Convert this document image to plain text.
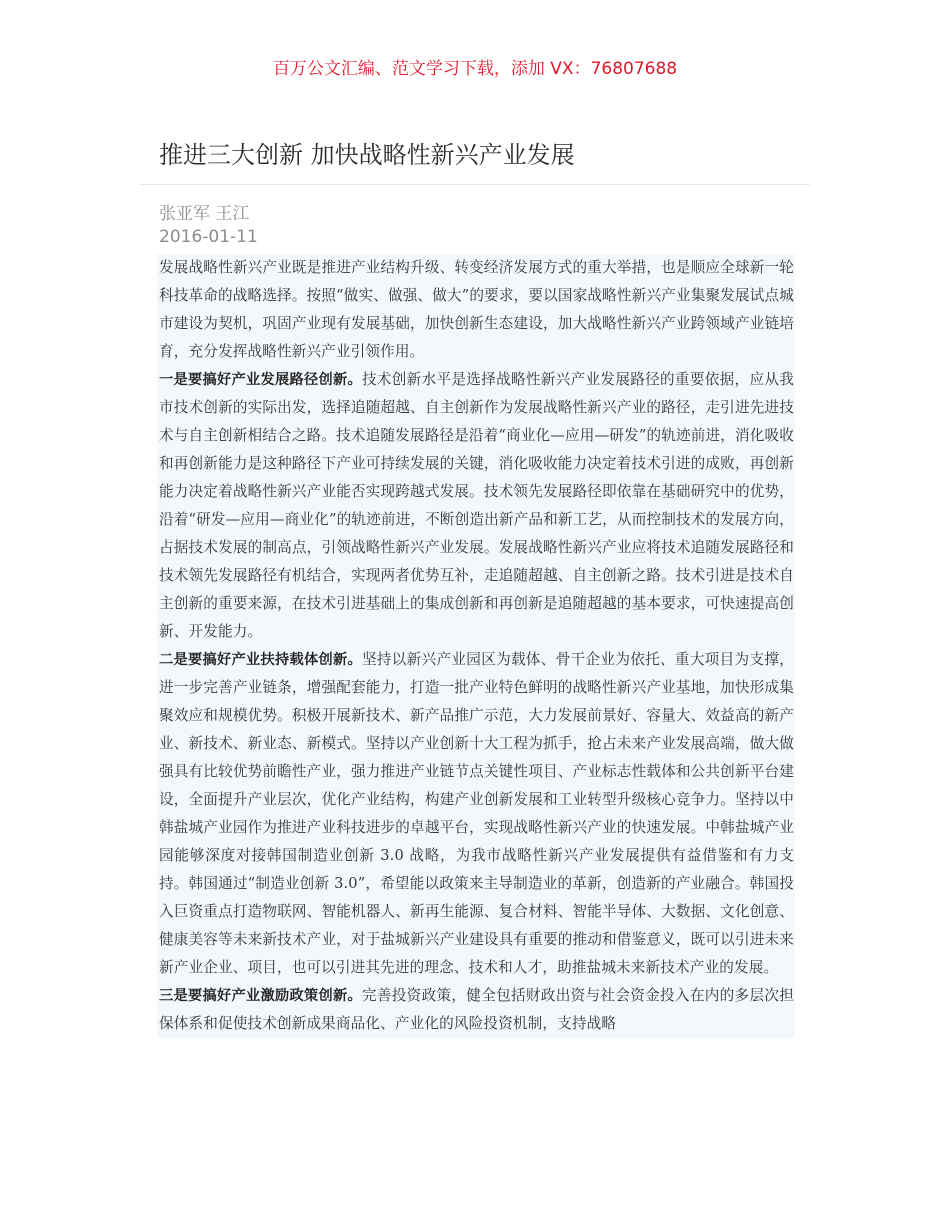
百万公文汇编、范文学习下载，添加 VX：76807688
推进三大创新 加快战略性新兴产业发展
张亚军 王江
2016-01-11

发展战略性新兴产业既是推进产业结构升级、转变经济发展方式的重大举措，也是顺应全球新一轮科技革命的战略选择。按照“做实、做强、做大”的要求，要以国家战略性新兴产业集聚发展试点城市建设为契机，巩固产业现有发展基础，加快创新生态建设，加大战略性新兴产业跨领域产业链培育，充分发挥战略性新兴产业引领作用。

一是要搞好产业发展路径创新。技术创新水平是选择战略性新兴产业发展路径的重要依据，应从我市技术创新的实际出发，选择追随超越、自主创新作为发展战略性新兴产业的路径，走引进先进技术与自主创新相结合之路。技术追随发展路径是沿着“商业化—应用—研发”的轨迹前进，消化吸收和再创新能力是这种路径下产业可持续发展的关键，消化吸收能力决定着技术引进的成败，再创新能力决定着战略性新兴产业能否实现跨越式发展。技术领先发展路径即依靠在基础研究中的优势，沿着“研发—应用—商业化”的轨迹前进，不断创造出新产品和新工艺，从而控制技术的发展方向，占据技术发展的制高点，引领战略性新兴产业发展。发展战略性新兴产业应将技术追随发展路径和技术领先发展路径有机结合，实现两者优势互补，走追随超越、自主创新之路。技术引进是技术自主创新的重要来源，在技术引进基础上的集成创新和再创新是追随超越的基本要求，可快速提高创新、开发能力。

二是要搞好产业扶持载体创新。坚持以新兴产业园区为载体、骨干企业为依托、重大项目为支撑，进一步完善产业链条，增强配套能力，打造一批产业特色鲜明的战略性新兴产业基地，加快形成集聚效应和规模优势。积极开展新技术、新产品推广示范，大力发展前景好、容量大、效益高的新产业、新技术、新业态、新模式。坚持以产业创新十大工程为抓手，抢占未来产业发展高端，做大做强具有比较优势前瞻性产业，强力推进产业链节点关键性项目、产业标志性载体和公共创新平台建设，全面提升产业层次，优化产业结构，构建产业创新发展和工业转型升级核心竞争力。坚持以中韩盐城产业园作为推进产业科技进步的卓越平台，实现战略性新兴产业的快速发展。中韩盐城产业园能够深度对接韩国制造业创新 3.0 战略，为我市战略性新兴产业发展提供有益借鉴和有力支持。韩国通过“制造业创新 3.0”，希望能以政策来主导制造业的革新，创造新的产业融合。韩国投入巨资重点打造物联网、智能机器人、新再生能源、复合材料、智能半导体、大数据、文化创意、健康美容等未来新技术产业，对于盐城新兴产业建设具有重要的推动和借鉴意义，既可以引进未来新产业企业、项目，也可以引进其先进的理念、技术和人才，助推盐城未来新技术产业的发展。

三是要搞好产业激励政策创新。完善投资政策，健全包括财政出资与社会资金投入在内的多层次担保体系和促使技术创新成果商品化、产业化的风险投资机制，支持战略
